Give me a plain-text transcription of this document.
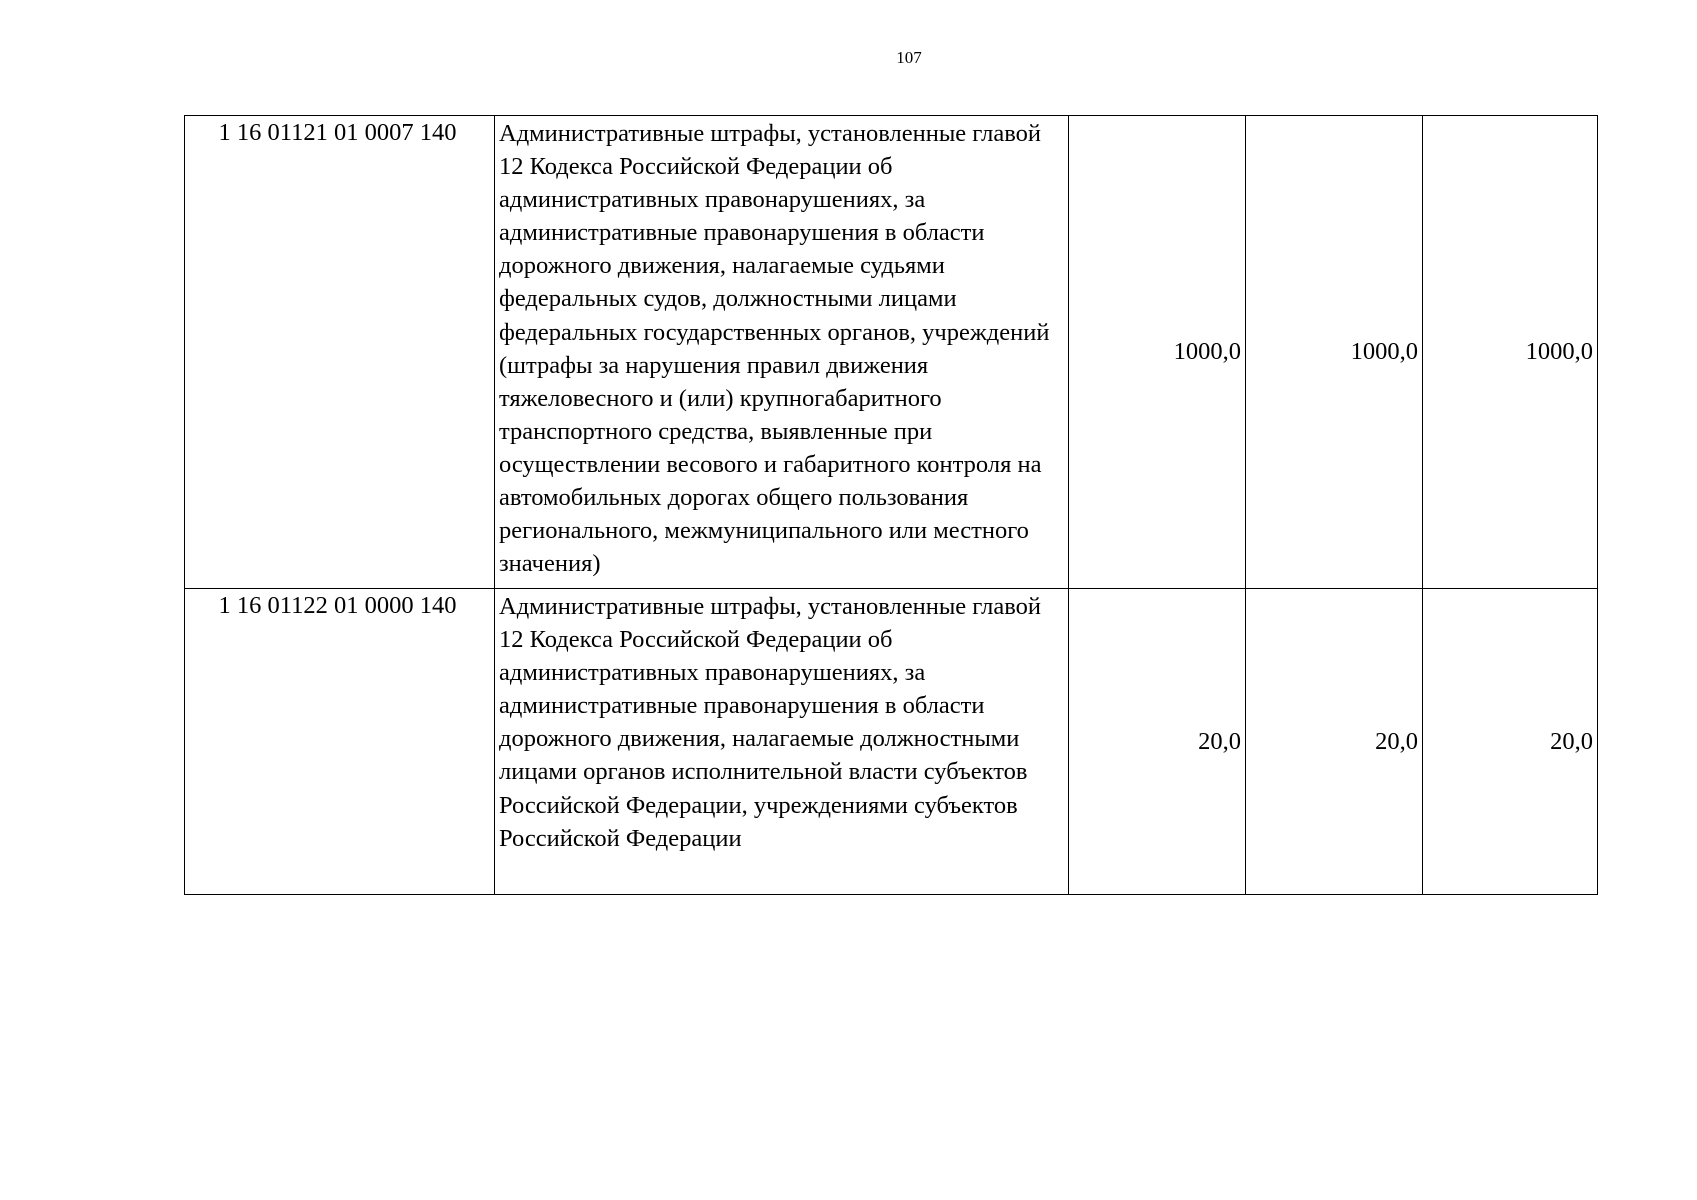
107
1 16 01121 01 0007 140	Административные штрафы, установленные главой 12 Кодекса Российской Федерации об административных правонарушениях, за административные правонарушения в области дорожного движения, налагаемые судьями федеральных судов, должностными лицами федеральных государственных органов, учреждений (штрафы за нарушения правил движения тяжеловесного и (или) крупногабаритного транспортного средства, выявленные при осуществлении весового и габаритного контроля на автомобильных дорогах общего пользования регионального, межмуниципального или местного значения)	1000,0	1000,0	1000,0
1 16 01122 01 0000 140	Административные штрафы, установленные главой 12 Кодекса Российской Федерации об административных правонарушениях, за административные правонарушения в области дорожного движения, налагаемые должностными лицами органов исполнительной власти субъектов Российской Федерации, учреждениями субъектов Российской Федерации	20,0	20,0	20,0
